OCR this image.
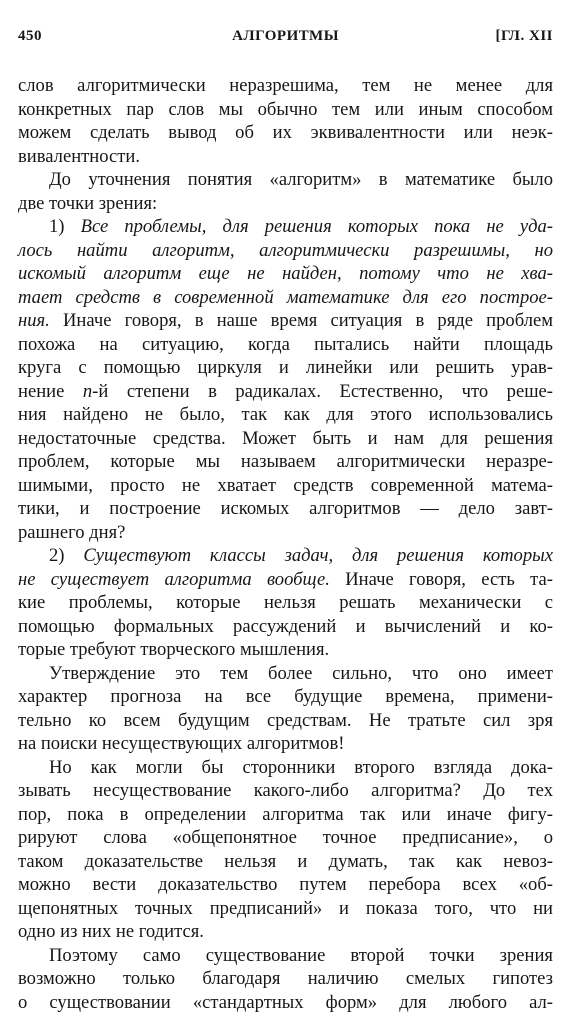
450	АЛГОРИТМЫ	[ГЛ. XII
слов алгоритмически неразрешима, тем не менее для
конкретных пар слов мы обычно тем или иным способом
можем сделать вывод об их эквивалентности или неэк-
вивалентности.
До уточнения понятия «алгоритм» в математике было
две точки зрения:
1) Все проблемы, для решения которых пока не уда-
лось найти алгоритм, алгоритмически разрешимы, но
искомый алгоритм еще не найден, потому что не хва-
тает средств в современной математике для его построе-
ния. Иначе говоря, в наше время ситуация в ряде проблем
похожа на ситуацию, когда пытались найти площадь
круга с помощью циркуля и линейки или решить урав-
нение n-й степени в радикалах. Естественно, что реше-
ния найдено не было, так как для этого использовались
недостаточные средства. Может быть и нам для решения
проблем, которые мы называем алгоритмически неразре-
шимыми, просто не хватает средств современной матема-
тики, и построение искомых алгоритмов — дело завт-
рашнего дня?
2) Существуют классы задач, для решения которых
не существует алгоритма вообще. Иначе говоря, есть та-
кие проблемы, которые нельзя решать механически с
помощью формальных рассуждений и вычислений и ко-
торые требуют творческого мышления.
Утверждение это тем более сильно, что оно имеет
характер прогноза на все будущие времена, примени-
тельно ко всем будущим средствам. Не тратьте сил зря
на поиски несуществующих алгоритмов!
Но как могли бы сторонники второго взгляда дока-
зывать несуществование какого-либо алгоритма? До тех
пор, пока в определении алгоритма так или иначе фигу-
рируют слова «общепонятное точное предписание», о
таком доказательстве нельзя и думать, так как невоз-
можно вести доказательство путем перебора всех «об-
щепонятных точных предписаний» и показа того, что ни
одно из них не годится.
Поэтому само существование второй точки зрения
возможно только благодаря наличию смелых гипотез
о существовании «стандартных форм» для любого ал-
